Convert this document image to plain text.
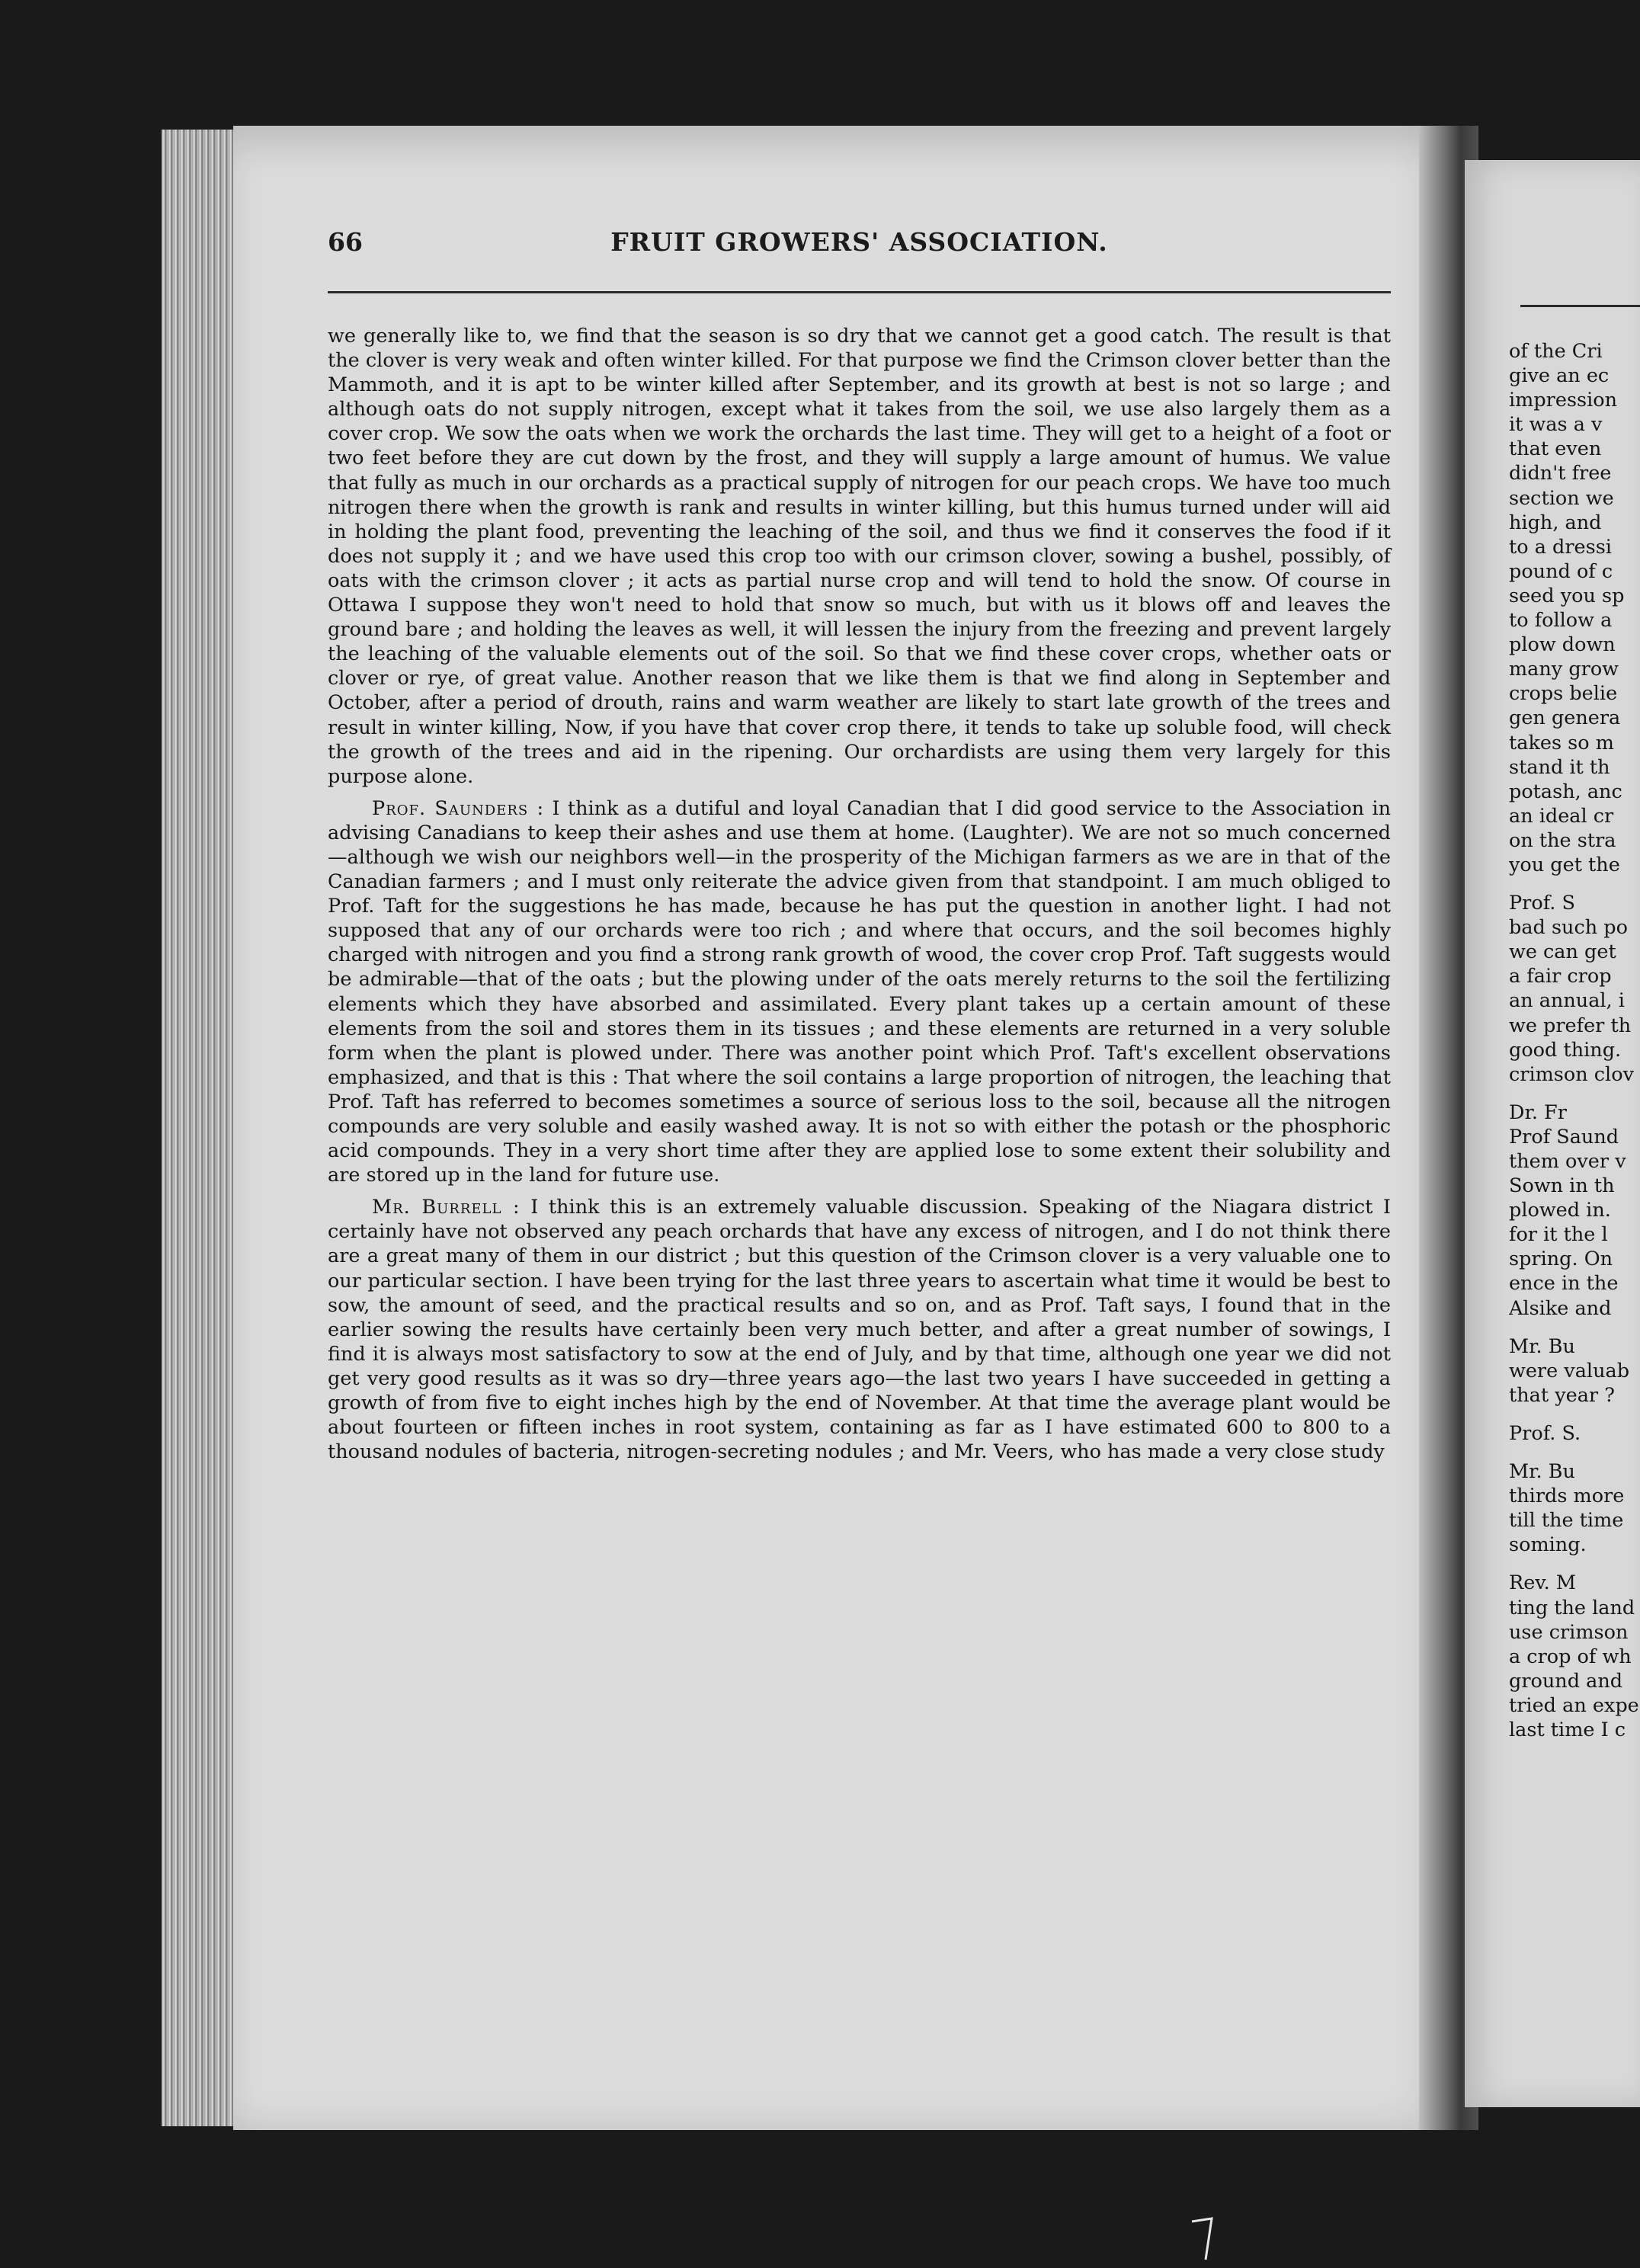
66	FRUIT GROWERS' ASSOCIATION.

we generally like to, we find that the season is so dry that we cannot get a good catch. The result is that the clover is very weak and often winter killed. For that purpose we find the Crimson clover better than the Mammoth, and it is apt to be winter killed after September, and its growth at best is not so large ; and although oats do not supply nitrogen, except what it takes from the soil, we use also largely them as a cover crop. We sow the oats when we work the orchards the last time. They will get to a height of a foot or two feet before they are cut down by the frost, and they will supply a large amount of humus. We value that fully as much in our orchards as a practical supply of nitrogen for our peach crops. We have too much nitrogen there when the growth is rank and results in winter killing, but this humus turned under will aid in holding the plant food, preventing the leaching of the soil, and thus we find it conserves the food if it does not supply it ; and we have used this crop too with our crimson clover, sowing a bushel, possibly, of oats with the crimson clover ; it acts as partial nurse crop and will tend to hold the snow. Of course in Ottawa I suppose they won't need to hold that snow so much, but with us it blows off and leaves the ground bare ; and holding the leaves as well, it will lessen the injury from the freezing and prevent largely the leaching of the valuable elements out of the soil. So that we find these cover crops, whether oats or clover or rye, of great value. Another reason that we like them is that we find along in September and October, after a period of drouth, rains and warm weather are likely to start late growth of the trees and result in winter killing, Now, if you have that cover crop there, it tends to take up soluble food, will check the growth of the trees and aid in the ripening. Our orchardists are using them very largely for this purpose alone.

Prof. Saunders : I think as a dutiful and loyal Canadian that I did good service to the Association in advising Canadians to keep their ashes and use them at home. (Laughter). We are not so much concerned—although we wish our neighbors well—in the prosperity of the Michigan farmers as we are in that of the Canadian farmers ; and I must only reiterate the advice given from that standpoint. I am much obliged to Prof. Taft for the suggestions he has made, because he has put the question in another light. I had not supposed that any of our orchards were too rich ; and where that occurs, and the soil becomes highly charged with nitrogen and you find a strong rank growth of wood, the cover crop Prof. Taft suggests would be admirable—that of the oats ; but the plowing under of the oats merely returns to the soil the fertilizing elements which they have absorbed and assimilated. Every plant takes up a certain amount of these elements from the soil and stores them in its tissues ; and these elements are returned in a very soluble form when the plant is plowed under. There was another point which Prof. Taft's excellent observations emphasized, and that is this : That where the soil contains a large proportion of nitrogen, the leaching that Prof. Taft has referred to becomes sometimes a source of serious loss to the soil, because all the nitrogen compounds are very soluble and easily washed away. It is not so with either the potash or the phosphoric acid compounds. They in a very short time after they are applied lose to some extent their solubility and are stored up in the land for future use.

Mr. Burrell : I think this is an extremely valuable discussion. Speaking of the Niagara district I certainly have not observed any peach orchards that have any excess of nitrogen, and I do not think there are a great many of them in our district ; but this question of the Crimson clover is a very valuable one to our particular section. I have been trying for the last three years to ascertain what time it would be best to sow, the amount of seed, and the practical results and so on, and as Prof. Taft says, I found that in the earlier sowing the results have certainly been very much better, and after a great number of sowings, I find it is always most satisfactory to sow at the end of July, and by that time, although one year we did not get very good results as it was so dry—three years ago—the last two years I have succeeded in getting a growth of from five to eight inches high by the end of November. At that time the average plant would be about fourteen or fifteen inches in root system, containing as far as I have estimated 600 to 800 to a thousand nodules of bacteria, nitrogen-secreting nodules ; and Mr. Veers, who has made a very close study

of the Cri
give an ec
impression
it was a v
that even
didn't free
section we
high, and
to a dressi
pound of c
seed you sp
to follow a
plow down
many grow
crops belie
gen genera
takes so m
stand it th
potash, anc
an ideal cr
on the stra
you get the
Prof. S
bad such po
we can get
a fair crop
an annual, i
we prefer th
good thing.
crimson clov
Dr. Fr
Prof Saund
them over v
Sown in th
plowed in.
for it the l
spring. On
ence in the
Alsike and
Mr. Bu
were valuab
that year ?
Prof. S.
Mr. Bu
thirds more
till the time
soming.
Rev. M
ting the land
use crimson
a crop of wh
ground and
tried an expe
last time I c
